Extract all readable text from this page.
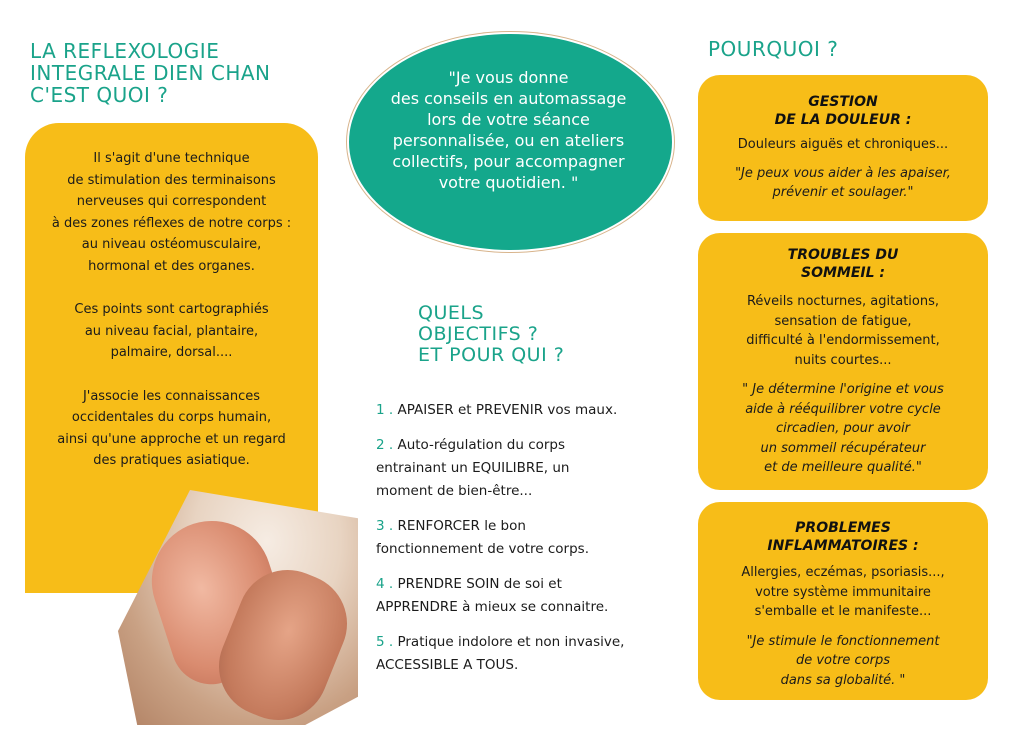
LA REFLEXOLOGIE
INTEGRALE DIEN CHAN
C'EST QUOI ?

Il s'agit d'une technique
de stimulation des terminaisons
nerveuses qui correspondent
à des zones réflexes de notre corps :
au niveau ostéomusculaire,
hormonal et des organes.

Ces points sont cartographiés
au niveau facial, plantaire,
palmaire, dorsal....

J'associe les connaissances
occidentales du corps humain,
ainsi qu'une approche et un regard
des pratiques asiatique.

"Je vous donne
des conseils en automassage
lors de votre séance
personnalisée, ou en ateliers
collectifs, pour accompagner
votre quotidien. "
QUELS
OBJECTIFS ?
ET POUR QUI ?
1 . APAISER et PREVENIR vos maux.
2 . Auto-régulation du corps
entrainant un EQUILIBRE, un
moment de bien-être...
3 . RENFORCER le bon
fonctionnement de votre corps.
4 . PRENDRE SOIN de soi et
APPRENDRE à mieux se connaitre.
5 . Pratique indolore et non invasive,
ACCESSIBLE A TOUS.
POURQUOI ?
GESTION
DE LA DOULEUR :
Douleurs aiguës et chroniques...
"Je peux vous aider à les apaiser,
prévenir et soulager."
TROUBLES DU
SOMMEIL :
Réveils nocturnes, agitations,
sensation de fatigue,
difficulté à l'endormissement,
nuits courtes...
" Je détermine l'origine et vous
aide à rééquilibrer votre cycle
circadien, pour avoir
un sommeil récupérateur
et de meilleure qualité."
PROBLEMES
INFLAMMATOIRES :
Allergies, eczémas, psoriasis...,
votre système immunitaire
s'emballe et le manifeste...
"Je stimule le fonctionnement
de votre corps
dans sa globalité. "
